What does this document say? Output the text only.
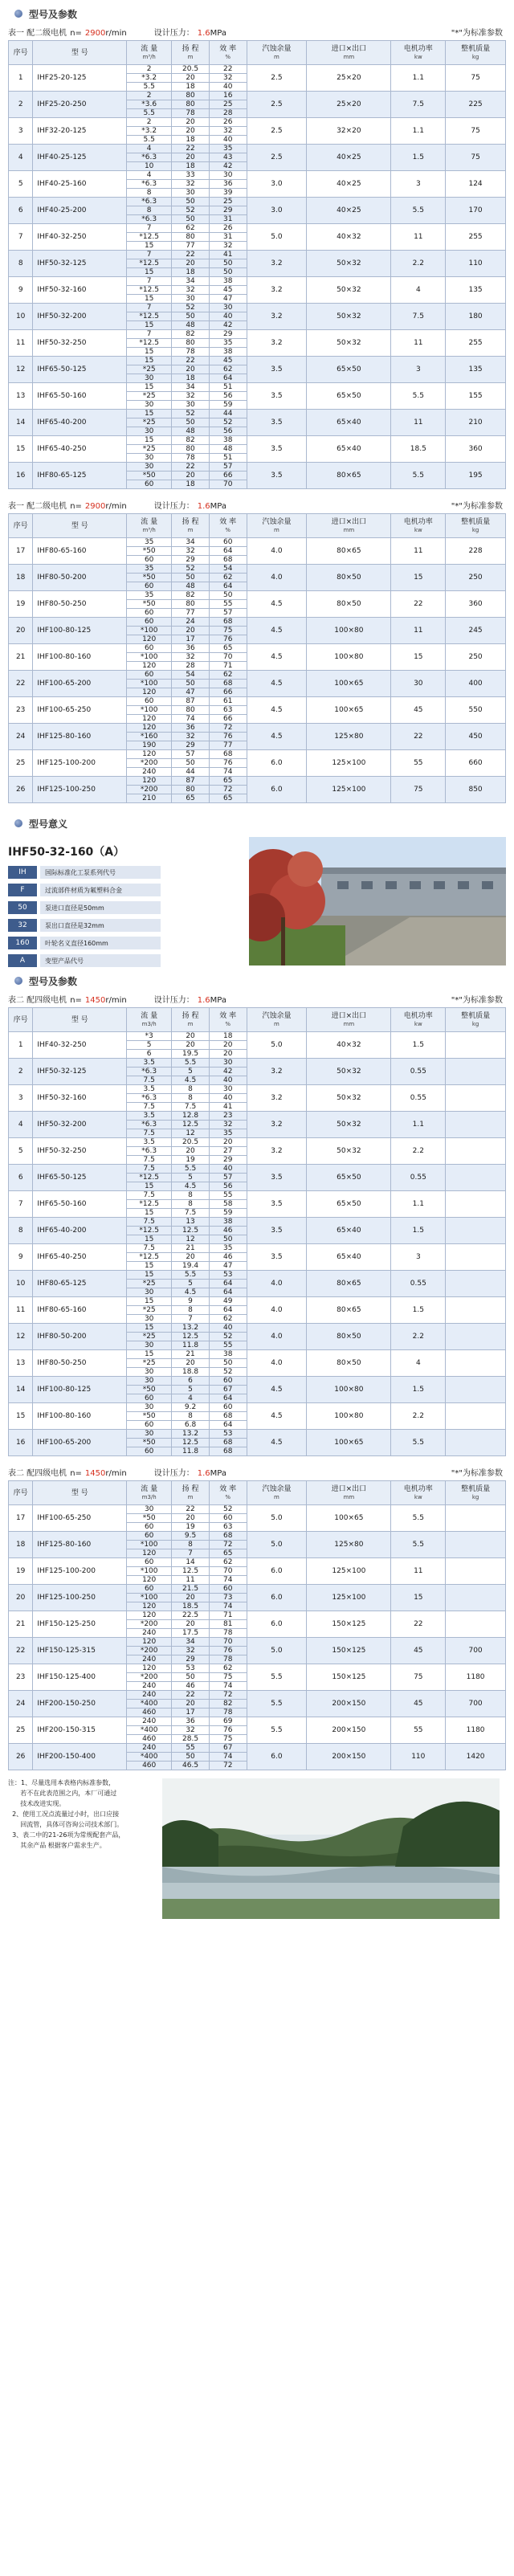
型号及参数
表一 配二级电机 n= 2900r/min	设计压力： 1.6MPa	"*"为标准参数
序号	型 号	流 量
m³/h	扬 程
m	效 率
%	汽蚀余量
m	进口×出口
mm	电机功率
kw	整机质量
kg

1	IHF25-20-125	2	20.5	22	2.5	25×20	1.1	75
		*3.2	20	32				
		5.5	18	40				
2	IHF25-20-250	2	80	16	2.5	25×20	7.5	225
		*3.6	80	25				
		5.5	78	28				
3	IHF32-20-125	2	20	26	2.5	32×20	1.1	75
		*3.2	20	32				
		5.5	18	40				
4	IHF40-25-125	4	22	35	2.5	40×25	1.5	75
		*6.3	20	43				
		10	18	42				
5	IHF40-25-160	4	33	30	3.0	40×25	3	124
		*6.3	32	36				
		8	30	39				
6	IHF40-25-200	*6.3	50	25	3.0	40×25	5.5	170
		8	52	29				
		*6.3	50	31				
7	IHF40-32-250	7	62	26	5.0	40×32	11	255
		*12.5	80	31				
		15	77	32				
8	IHF50-32-125	7	22	41	3.2	50×32	2.2	110
		*12.5	20	50				
		15	18	50				
9	IHF50-32-160	7	34	38	3.2	50×32	4	135
		*12.5	32	45				
		15	30	47				
10	IHF50-32-200	7	52	30	3.2	50×32	7.5	180
		*12.5	50	40				
		15	48	42				
11	IHF50-32-250	7	82	29	3.2	50×32	11	255
		*12.5	80	35				
		15	78	38				
12	IHF65-50-125	15	22	45	3.5	65×50	3	135
		*25	20	62				
		30	18	64				
13	IHF65-50-160	15	34	51	3.5	65×50	5.5	155
		*25	32	56				
		30	30	59				
14	IHF65-40-200	15	52	44	3.5	65×40	11	210
		*25	50	52				
		30	48	56				
15	IHF65-40-250	15	82	38	3.5	65×40	18.5	360
		*25	80	48				
		30	78	51				
16	IHF80-65-125	30	22	57	3.5	80×65	5.5	195
		*50	20	66				
		60	18	70				
表一 配二级电机 n= 2900r/min	设计压力： 1.6MPa	"*"为标准参数
序号	型 号	流 量
m³/h	扬 程
m	效 率
%	汽蚀余量
m	进口×出口
mm	电机功率
kw	整机质量
kg

17	IHF80-65-160	35	34	60	4.0	80×65	11	228
		*50	32	64				
		60	29	68				
18	IHF80-50-200	35	52	54	4.0	80×50	15	250
		*50	50	62				
		60	48	64				
19	IHF80-50-250	35	82	50	4.5	80×50	22	360
		*50	80	55				
		60	77	57				
20	IHF100-80-125	60	24	68	4.5	100×80	11	245
		*100	20	75				
		120	17	76				
21	IHF100-80-160	60	36	65	4.5	100×80	15	250
		*100	32	70				
		120	28	71				
22	IHF100-65-200	60	54	62	4.5	100×65	30	400
		*100	50	68				
		120	47	66				
23	IHF100-65-250	60	87	61	4.5	100×65	45	550
		*100	80	63				
		120	74	66				
24	IHF125-80-160	120	36	72	4.5	125×80	22	450
		*160	32	76				
		190	29	77				
25	IHF125-100-200	120	57	68	6.0	125×100	55	660
		*200	50	76				
		240	44	74				
26	IHF125-100-250	120	87	65	6.0	125×100	75	850
		*200	80	72				
		210	65	65				
型号意义
IHF50-32-160（A）
IH	国际标准化工泵系列代号
F	过流部件材质为氟塑料合金
50	泵进口直径是50mm
32	泵出口直径是32mm
160	叶轮名义直径160mm
A	变型产品代号
型号及参数
表二 配四级电机 n= 1450r/min	设计压力： 1.6MPa	"*"为标准参数
序号	型 号	流 量
m3/h	扬 程
m	效 率
%	汽蚀余量
m	进口×出口
mm	电机功率
kw	整机质量
kg

1	IHF40-32-250	*3	20	18	5.0	40×32	1.5	
		5	20	20				
		6	19.5	20				
2	IHF50-32-125	3.5	5.5	30	3.2	50×32	0.55	
		*6.3	5	42				
		7.5	4.5	40				
3	IHF50-32-160	3.5	8	30	3.2	50×32	0.55	
		*6.3	8	40				
		7.5	7.5	41				
4	IHF50-32-200	3.5	12.8	23	3.2	50×32	1.1	
		*6.3	12.5	32				
		7.5	12	35				
5	IHF50-32-250	3.5	20.5	20	3.2	50×32	2.2	
		*6.3	20	27				
		7.5	19	29				
6	IHF65-50-125	7.5	5.5	40	3.5	65×50	0.55	
		*12.5	5	57				
		15	4.5	56				
7	IHF65-50-160	7.5	8	55	3.5	65×50	1.1	
		*12.5	8	58				
		15	7.5	59				
8	IHF65-40-200	7.5	13	38	3.5	65×40	1.5	
		*12.5	12.5	46				
		15	12	50				
9	IHF65-40-250	7.5	21	35	3.5	65×40	3	
		*12.5	20	46				
		15	19.4	47				
10	IHF80-65-125	15	5.5	53	4.0	80×65	0.55	
		*25	5	64				
		30	4.5	64				
11	IHF80-65-160	15	9	49	4.0	80×65	1.5	
		*25	8	64				
		30	7	62				
12	IHF80-50-200	15	13.2	40	4.0	80×50	2.2	
		*25	12.5	52				
		30	11.8	55				
13	IHF80-50-250	15	21	38	4.0	80×50	4	
		*25	20	50				
		30	18.8	52				
14	IHF100-80-125	30	6	60	4.5	100×80	1.5	
		*50	5	67				
		60	4	64				
15	IHF100-80-160	30	9.2	60	4.5	100×80	2.2	
		*50	8	68				
		60	6.8	64				
16	IHF100-65-200	30	13.2	53	4.5	100×65	5.5	
		*50	12.5	68				
		60	11.8	68				
表二 配四级电机 n= 1450r/min	设计压力： 1.6MPa	"*"为标准参数
序号	型 号	流 量
m3/h	扬 程
m	效 率
%	汽蚀余量
m	进口×出口
mm	电机功率
kw	整机质量
kg

17	IHF100-65-250	30	22	52	5.0	100×65	5.5	
		*50	20	60				
		60	19	63				
18	IHF125-80-160	60	9.5	68	5.0	125×80	5.5	
		*100	8	72				
		120	7	65				
19	IHF125-100-200	60	14	62	6.0	125×100	11	
		*100	12.5	70				
		120	11	74				
20	IHF125-100-250	60	21.5	60	6.0	125×100	15	
		*100	20	73				
		120	18.5	74				
21	IHF150-125-250	120	22.5	71	6.0	150×125	22	
		*200	20	81				
		240	17.5	78				
22	IHF150-125-315	120	34	70	5.0	150×125	45	700
		*200	32	76				
		240	29	78				
23	IHF150-125-400	120	53	62	5.5	150×125	75	1180
		*200	50	75				
		240	46	74				
24	IHF200-150-250	240	22	72	5.5	200×150	45	700
		*400	20	82				
		460	17	78				
25	IHF200-150-315	240	36	69	5.5	200×150	55	1180
		*400	32	76				
		460	28.5	75				
26	IHF200-150-400	240	55	67	6.0	200×150	110	1420
		*400	50	74				
		460	46.5	72				

注：1、尽量选用本表格内标准参数，

若不在此表范围之内，本厂可通过

技术改进实现。

2、使用工况点流量过小时，出口应接

回流管，具体可咨询公司技术部门。

3、表二中的21-26项为常规配套产品，

其余产品 根据客户需求生产。
